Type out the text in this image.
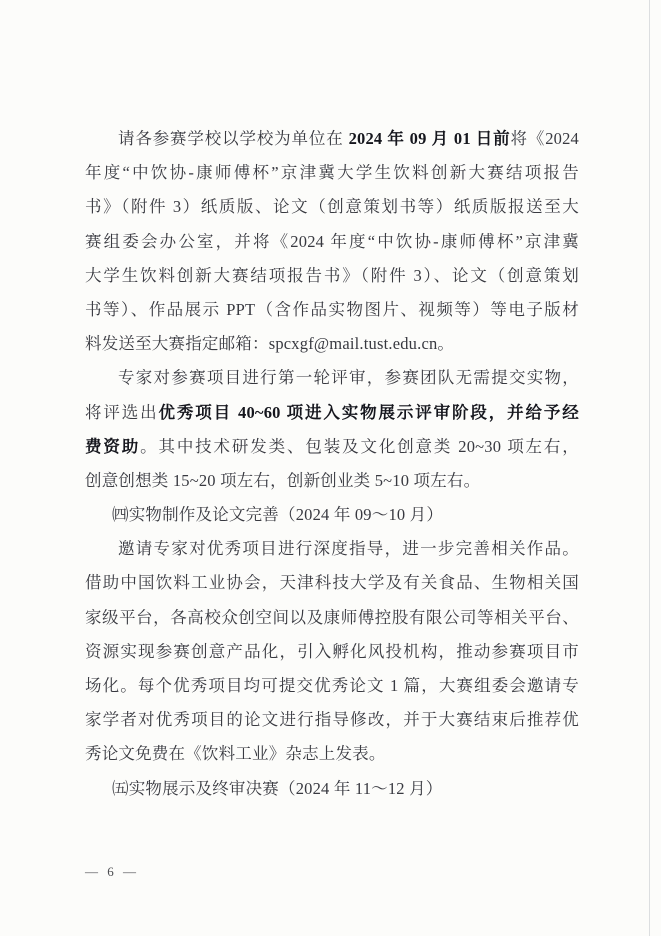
请各参赛学校以学校为单位在 2024 年 09 月 01 日前将《2024
年度“中饮协-康师傅杯”京津冀大学生饮料创新大赛结项报告
书》（附件 3）纸质版、论文（创意策划书等）纸质版报送至大
赛组委会办公室，并将《2024 年度“中饮协-康师傅杯”京津冀
大学生饮料创新大赛结项报告书》（附件 3）、论文（创意策划
书等）、作品展示 PPT（含作品实物图片、视频等）等电子版材
料发送至大赛指定邮箱：spcxgf@mail.tust.edu.cn。
专家对参赛项目进行第一轮评审，参赛团队无需提交实物，
将评选出优秀项目 40~60 项进入实物展示评审阶段，并给予经
费资助。其中技术研发类、包装及文化创意类 20~30 项左右，
创意创想类 15~20 项左右，创新创业类 5~10 项左右。
㈣实物制作及论文完善（2024 年 09～10 月）
邀请专家对优秀项目进行深度指导，进一步完善相关作品。
借助中国饮料工业协会，天津科技大学及有关食品、生物相关国
家级平台，各高校众创空间以及康师傅控股有限公司等相关平台、
资源实现参赛创意产品化，引入孵化风投机构，推动参赛项目市
场化。每个优秀项目均可提交优秀论文 1 篇，大赛组委会邀请专
家学者对优秀项目的论文进行指导修改，并于大赛结束后推荐优
秀论文免费在《饮料工业》杂志上发表。
㈤实物展示及终审决赛（2024 年 11～12 月）
— 6 —
